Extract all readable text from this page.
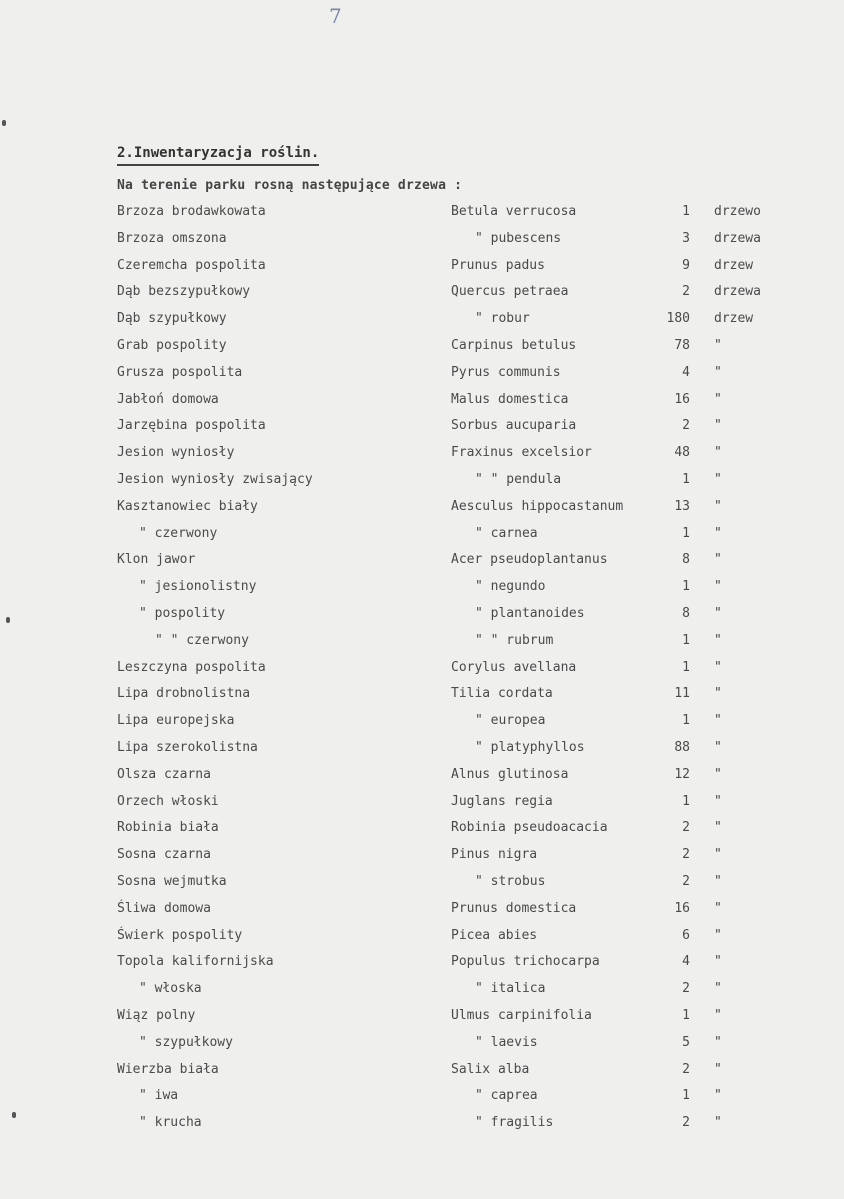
7
2.Inwentaryzacja roślin.
Na terenie parku rosną następujące drzewa :
Brzoza brodawkowata	Betula verrucosa	1 drzewo
Brzoza omszona	" pubescens	3 drzewa
Czeremcha pospolita	Prunus padus	9 drzew
Dąb bezszypułkowy	Quercus petraea	2 drzewa
Dąb szypułkowy	" robur	180 drzew
Grab pospolity	Carpinus betulus	78 "
Grusza pospolita	Pyrus communis	4 "
Jabłoń domowa	Malus domestica	16 "
Jarzębina pospolita	Sorbus aucuparia	2 "
Jesion wyniosły	Fraxinus excelsior	48 "
Jesion wyniosły zwisający	" " pendula	1 "
Kasztanowiec biały	Aesculus hippocastanum	13 "
" czerwony	" carnea	1 "
Klon jawor	Acer pseudoplantanus	8 "
" jesionolistny	" negundo	1 "
" pospolity	" plantanoides	8 "
" " czerwony	" " rubrum	1 "
Leszczyna pospolita	Corylus avellana	1 "
Lipa drobnolistna	Tilia cordata	11 "
Lipa europejska	" europea	1 "
Lipa szerokolistna	" platyphyllos	88 "
Olsza czarna	Alnus glutinosa	12 "
Orzech włoski	Juglans regia	1 "
Robinia biała	Robinia pseudoacacia	2 "
Sosna czarna	Pinus nigra	2 "
Sosna wejmutka	" strobus	2 "
Śliwa domowa	Prunus domestica	16 "
Świerk pospolity	Picea abies	6 "
Topola kalifornijska	Populus trichocarpa	4 "
" włoska	" italica	2 "
Wiąz polny	Ulmus carpinifolia	1 "
" szypułkowy	" laevis	5 "
Wierzba biała	Salix alba	2 "
" iwa	" caprea	1 "
" krucha	" fragilis	2 "
